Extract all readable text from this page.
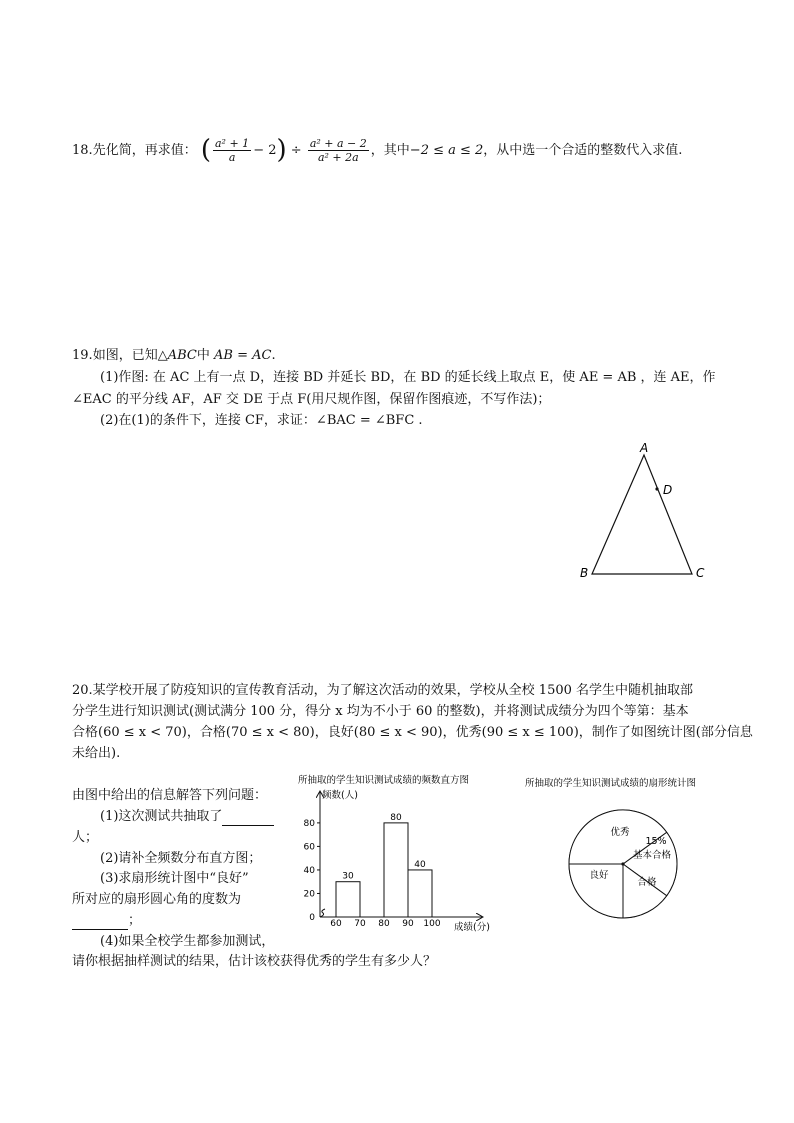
18.先化简，再求值： ( $\frac{\text{a² + 1}}{a} - 2) \div \frac{\text{a² + a − 2}}{\text{a² + 2a}}$ ，其中−2 ≤ a ≤ 2，从中选一个合适的整数代入求值.
19.如图，已知△ABC中 AB = AC.
(1)作图: 在 AC 上有一点 D，连接 BD 并延长 BD，在 BD 的延长线上取点 E，使 AE = AB ，连 AE，作
∠EAC 的平分线 AF，AF 交 DE 于点 F(用尺规作图，保留作图痕迹，不写作法)；
(2)在(1)的条件下，连接 CF，求证：∠BAC = ∠BFC .
A
D
B	C
20.某学校开展了防疫知识的宣传教育活动，为了解这次活动的效果，学校从全校 1500 名学生中随机抽取部
分学生进行知识测试(测试满分 100 分，得分 x 均为不小于 60 的整数)，并将测试成绩分为四个等第：基本
合格(60 ≤ x < 70)，合格(70 ≤ x < 80)，良好(80 ≤ x < 90)，优秀(90 ≤ x ≤ 100)，制作了如图统计图(部分信息
未给出).
由图中给出的信息解答下列问题：
(1)这次测试共抽取了
人；
(2)请补全频数分布直方图；
(3)求扇形统计图中“良好”
所对应的扇形圆心角的度数为
；
(4)如果全校学生都参加测试，
请你根据抽样测试的结果，估计该校获得优秀的学生有多少人？
所抽取的学生知识测试成绩的频数直方图
频数(人)
成绩(分)
0
20
40
60
80
60 70 80 90 100
30
80
40
所抽取的学生知识测试成绩的扇形统计图
优秀
15%
基本合格
合格
良好
